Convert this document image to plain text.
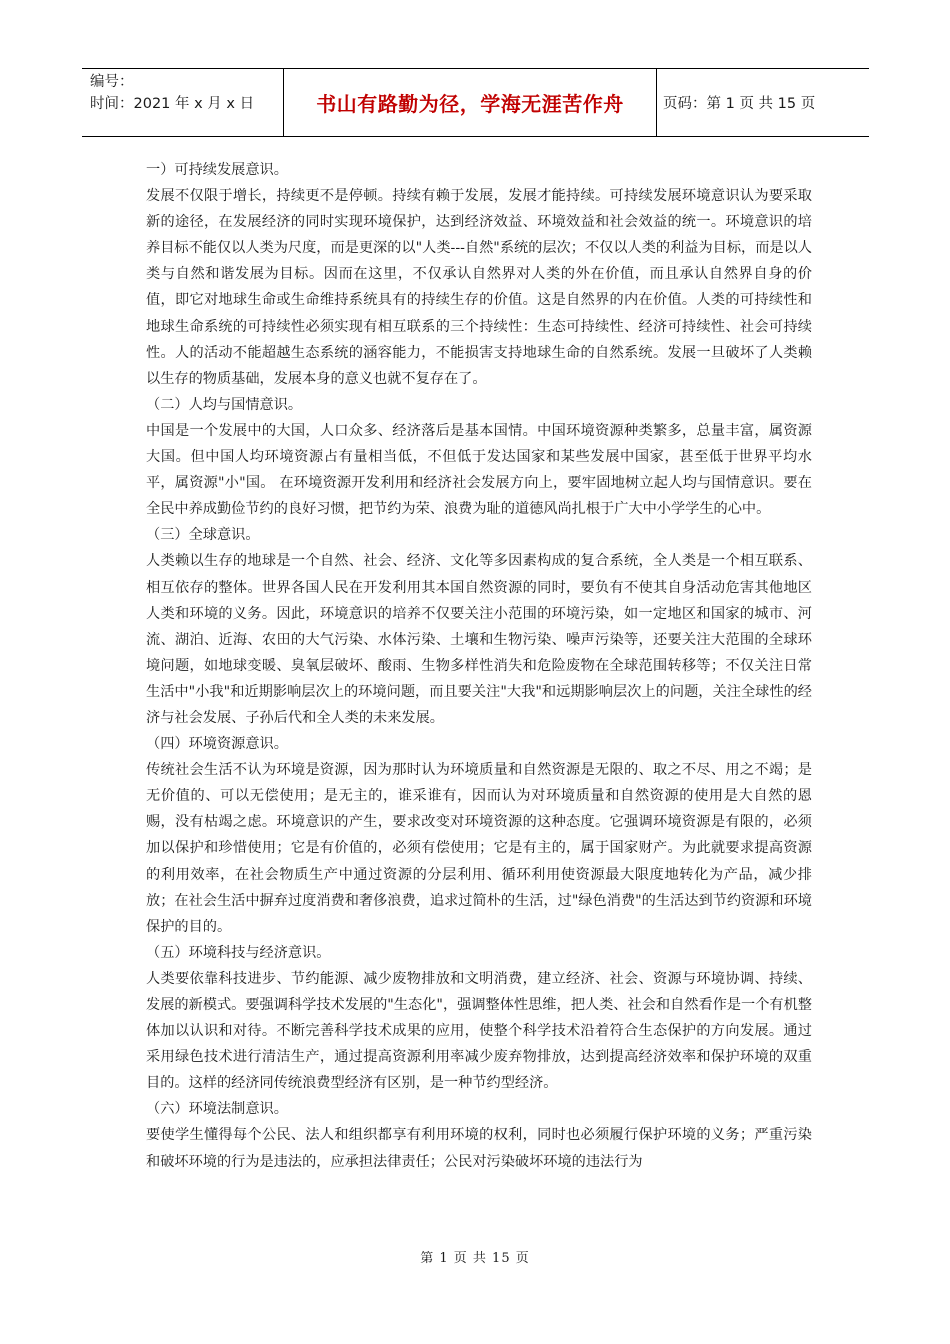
编号：
时间：2021 年 x 月 x 日	书山有路勤为径，学海无涯苦作舟	页码：第 1 页 共 15 页

一）可持续发展意识。

发展不仅限于增长，持续更不是停顿。持续有赖于发展，发展才能持续。可持续发展环境意识认为要采取新的途径，在发展经济的同时实现环境保护，达到经济效益、环境效益和社会效益的统一。环境意识的培养目标不能仅以人类为尺度，而是更深的以"人类---自然"系统的层次；不仅以人类的利益为目标，而是以人类与自然和谐发展为目标。因而在这里，不仅承认自然界对人类的外在价值，而且承认自然界自身的价值，即它对地球生命或生命维持系统具有的持续生存的价值。这是自然界的内在价值。人类的可持续性和地球生命系统的可持续性必须实现有相互联系的三个持续性：生态可持续性、经济可持续性、社会可持续性。人的活动不能超越生态系统的涵容能力，不能损害支持地球生命的自然系统。发展一旦破坏了人类赖以生存的物质基础，发展本身的意义也就不复存在了。

（二）人均与国情意识。

中国是一个发展中的大国，人口众多、经济落后是基本国情。中国环境资源种类繁多，总量丰富，属资源大国。但中国人均环境资源占有量相当低，不但低于发达国家和某些发展中国家，甚至低于世界平均水平，属资源"小"国。 在环境资源开发利用和经济社会发展方向上，要牢固地树立起人均与国情意识。要在全民中养成勤俭节约的良好习惯，把节约为荣、浪费为耻的道德风尚扎根于广大中小学学生的心中。

（三）全球意识。

人类赖以生存的地球是一个自然、社会、经济、文化等多因素构成的复合系统，全人类是一个相互联系、相互依存的整体。世界各国人民在开发利用其本国自然资源的同时，要负有不使其自身活动危害其他地区人类和环境的义务。因此，环境意识的培养不仅要关注小范围的环境污染，如一定地区和国家的城市、河流、湖泊、近海、农田的大气污染、水体污染、土壤和生物污染、噪声污染等，还要关注大范围的全球环境问题，如地球变暖、臭氧层破坏、酸雨、生物多样性消失和危险废物在全球范围转移等；不仅关注日常生活中"小我"和近期影响层次上的环境问题，而且要关注"大我"和远期影响层次上的问题，关注全球性的经济与社会发展、子孙后代和全人类的未来发展。

（四）环境资源意识。

传统社会生活不认为环境是资源，因为那时认为环境质量和自然资源是无限的、取之不尽、用之不竭；是无价值的、可以无偿使用；是无主的，谁采谁有，因而认为对环境质量和自然资源的使用是大自然的恩赐，没有枯竭之虑。环境意识的产生，要求改变对环境资源的这种态度。它强调环境资源是有限的，必须加以保护和珍惜使用；它是有价值的，必须有偿使用；它是有主的，属于国家财产。为此就要求提高资源的利用效率，在社会物质生产中通过资源的分层利用、循环利用使资源最大限度地转化为产品，减少排放；在社会生活中摒弃过度消费和奢侈浪费，追求过简朴的生活，过"绿色消费"的生活达到节约资源和环境保护的目的。

（五）环境科技与经济意识。

人类要依靠科技进步、节约能源、减少废物排放和文明消费，建立经济、社会、资源与环境协调、持续、发展的新模式。要强调科学技术发展的"生态化"，强调整体性思维，把人类、社会和自然看作是一个有机整体加以认识和对待。不断完善科学技术成果的应用，使整个科学技术沿着符合生态保护的方向发展。通过采用绿色技术进行清洁生产，通过提高资源利用率减少废弃物排放，达到提高经济效率和保护环境的双重目的。这样的经济同传统浪费型经济有区别，是一种节约型经济。

（六）环境法制意识。

要使学生懂得每个公民、法人和组织都享有利用环境的权利，同时也必须履行保护环境的义务；严重污染和破坏环境的行为是违法的，应承担法律责任；公民对污染破坏环境的违法行为

第 1 页 共 15 页
